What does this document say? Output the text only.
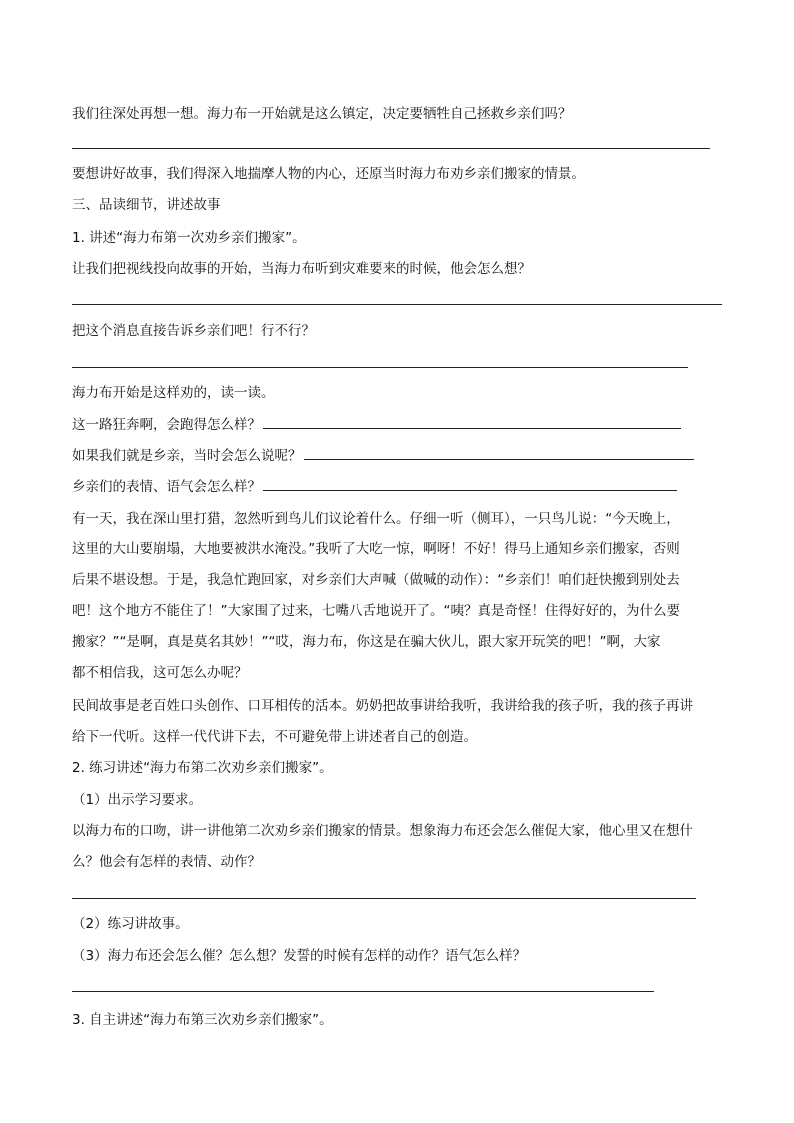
我们往深处再想一想。海力布一开始就是这么镇定，决定要牺牲自己拯救乡亲们吗？
要想讲好故事，我们得深入地揣摩人物的内心，还原当时海力布劝乡亲们搬家的情景。
三、品读细节，讲述故事
1. 讲述“海力布第一次劝乡亲们搬家”。
让我们把视线投向故事的开始，当海力布听到灾难要来的时候，他会怎么想？
把这个消息直接告诉乡亲们吧！行不行？
海力布开始是这样劝的，读一读。
这一路狂奔啊，会跑得怎么样？
如果我们就是乡亲，当时会怎么说呢？
乡亲们的表情、语气会怎么样？
有一天，我在深山里打猎，忽然听到鸟儿们议论着什么。仔细一听（侧耳），一只鸟儿说：“今天晚上，
这里的大山要崩塌，大地要被洪水淹没。”我听了大吃一惊，啊呀！不好！得马上通知乡亲们搬家，否则
后果不堪设想。于是，我急忙跑回家，对乡亲们大声喊（做喊的动作）：“乡亲们！咱们赶快搬到别处去
吧！这个地方不能住了！”大家围了过来，七嘴八舌地说开了。“咦？真是奇怪！住得好好的，为什么要
搬家？”“是啊，真是莫名其妙！”“哎，海力布，你这是在骗大伙儿，跟大家开玩笑的吧！”啊，大家
都不相信我，这可怎么办呢？
民间故事是老百姓口头创作、口耳相传的活本。奶奶把故事讲给我听，我讲给我的孩子听，我的孩子再讲
给下一代听。这样一代代讲下去，不可避免带上讲述者自己的创造。
2. 练习讲述“海力布第二次劝乡亲们搬家”。
（1）出示学习要求。
以海力布的口吻，讲一讲他第二次劝乡亲们搬家的情景。想象海力布还会怎么催促大家，他心里又在想什
么？他会有怎样的表情、动作？
（2）练习讲故事。
（3）海力布还会怎么催？怎么想？发誓的时候有怎样的动作？语气怎么样？
3. 自主讲述“海力布第三次劝乡亲们搬家”。
